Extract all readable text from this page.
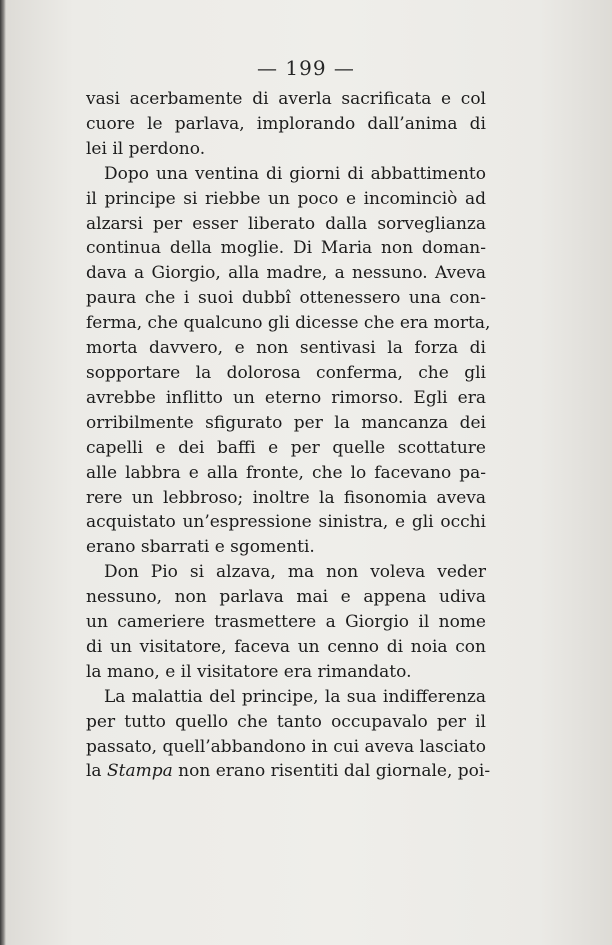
— 199 —

vasi acerbamente di averla sacrificata e col
cuore le parlava, implorando dall’anima di
lei il perdono.

Dopo una ventina di giorni di abbattimento
il principe si riebbe un poco e incominciò ad
alzarsi per esser liberato dalla sorveglianza
continua della moglie. Di Maria non doman-
dava a Giorgio, alla madre, a nessuno. Aveva
paura che i suoi dubbî ottenessero una con-
ferma, che qualcuno gli dicesse che era morta,
morta davvero, e non sentivasi la forza di
sopportare la dolorosa conferma, che gli
avrebbe inflitto un eterno rimorso. Egli era
orribilmente sfigurato per la mancanza dei
capelli e dei baffi e per quelle scottature
alle labbra e alla fronte, che lo facevano pa-
rere un lebbroso; inoltre la fisonomia aveva
acquistato un’espressione sinistra, e gli occhi
erano sbarrati e sgomenti.

Don Pio si alzava, ma non voleva veder
nessuno, non parlava mai e appena udiva
un cameriere trasmettere a Giorgio il nome
di un visitatore, faceva un cenno di noia con
la mano, e il visitatore era rimandato.

La malattia del principe, la sua indifferenza
per tutto quello che tanto occupavalo per il
passato, quell’abbandono in cui aveva lasciato
la Stampa non erano risentiti dal giornale, poi-
